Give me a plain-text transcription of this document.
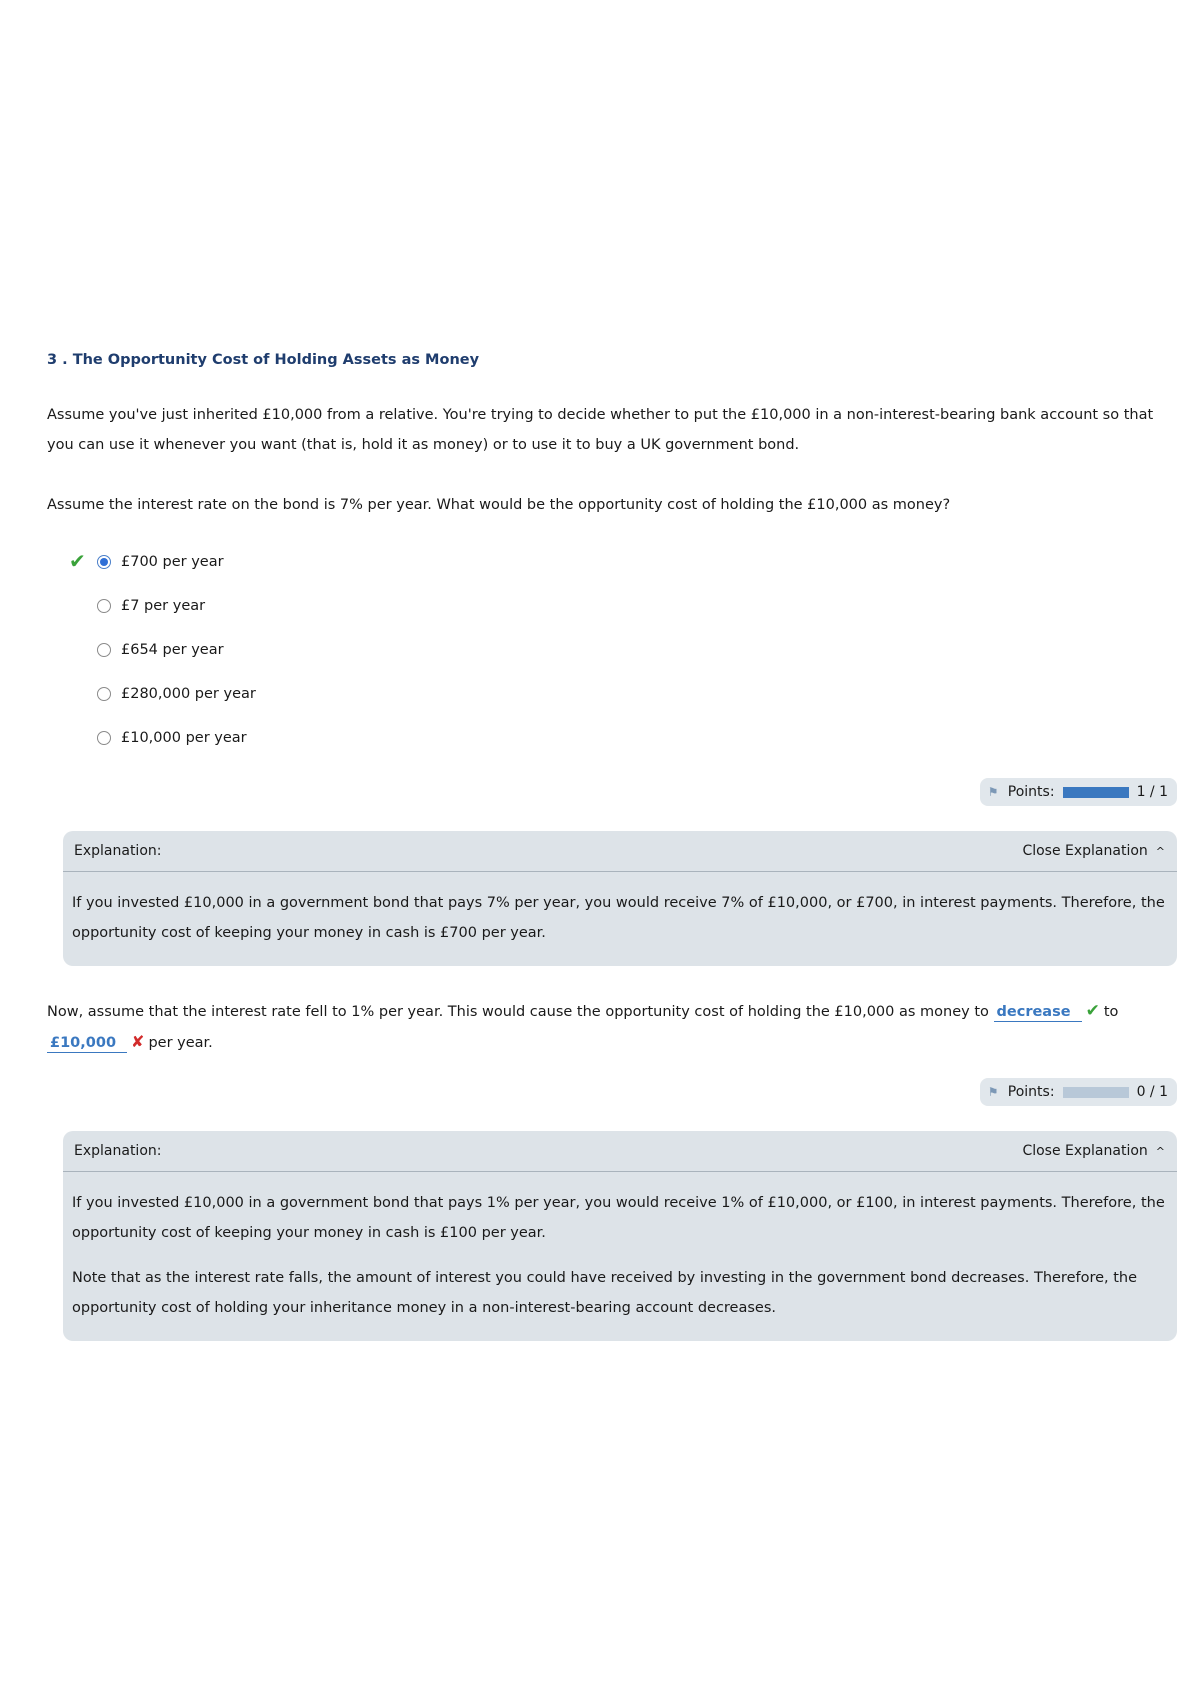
3 . The Opportunity Cost of Holding Assets as Money

Assume you've just inherited £10,000 from a relative. You're trying to decide whether to put the £10,000 in a non-interest-bearing bank account so that you can use it whenever you want (that is, hold it as money) or to use it to buy a UK government bond.

Assume the interest rate on the bond is 7% per year. What would be the opportunity cost of holding the £10,000 as money?

✔ £700 per year
£7 per year
£654 per year
£280,000 per year
£10,000 per year
⚑ Points:	1 / 1
Explanation:	Close Explanation ^

If you invested £10,000 in a government bond that pays 7% per year, you would receive 7% of £10,000, or £700, in interest payments. Therefore, the opportunity cost of keeping your money in cash is £700 per year.

Now, assume that the interest rate fell to 1% per year. This would cause the opportunity cost of holding the £10,000 as money to decrease ✔ to £10,000 ✘ per year.

⚑ Points:	0 / 1
Explanation:	Close Explanation ^

If you invested £10,000 in a government bond that pays 1% per year, you would receive 1% of £10,000, or £100, in interest payments. Therefore, the opportunity cost of keeping your money in cash is £100 per year.

Note that as the interest rate falls, the amount of interest you could have received by investing in the government bond decreases. Therefore, the opportunity cost of holding your inheritance money in a non-interest-bearing account decreases.
